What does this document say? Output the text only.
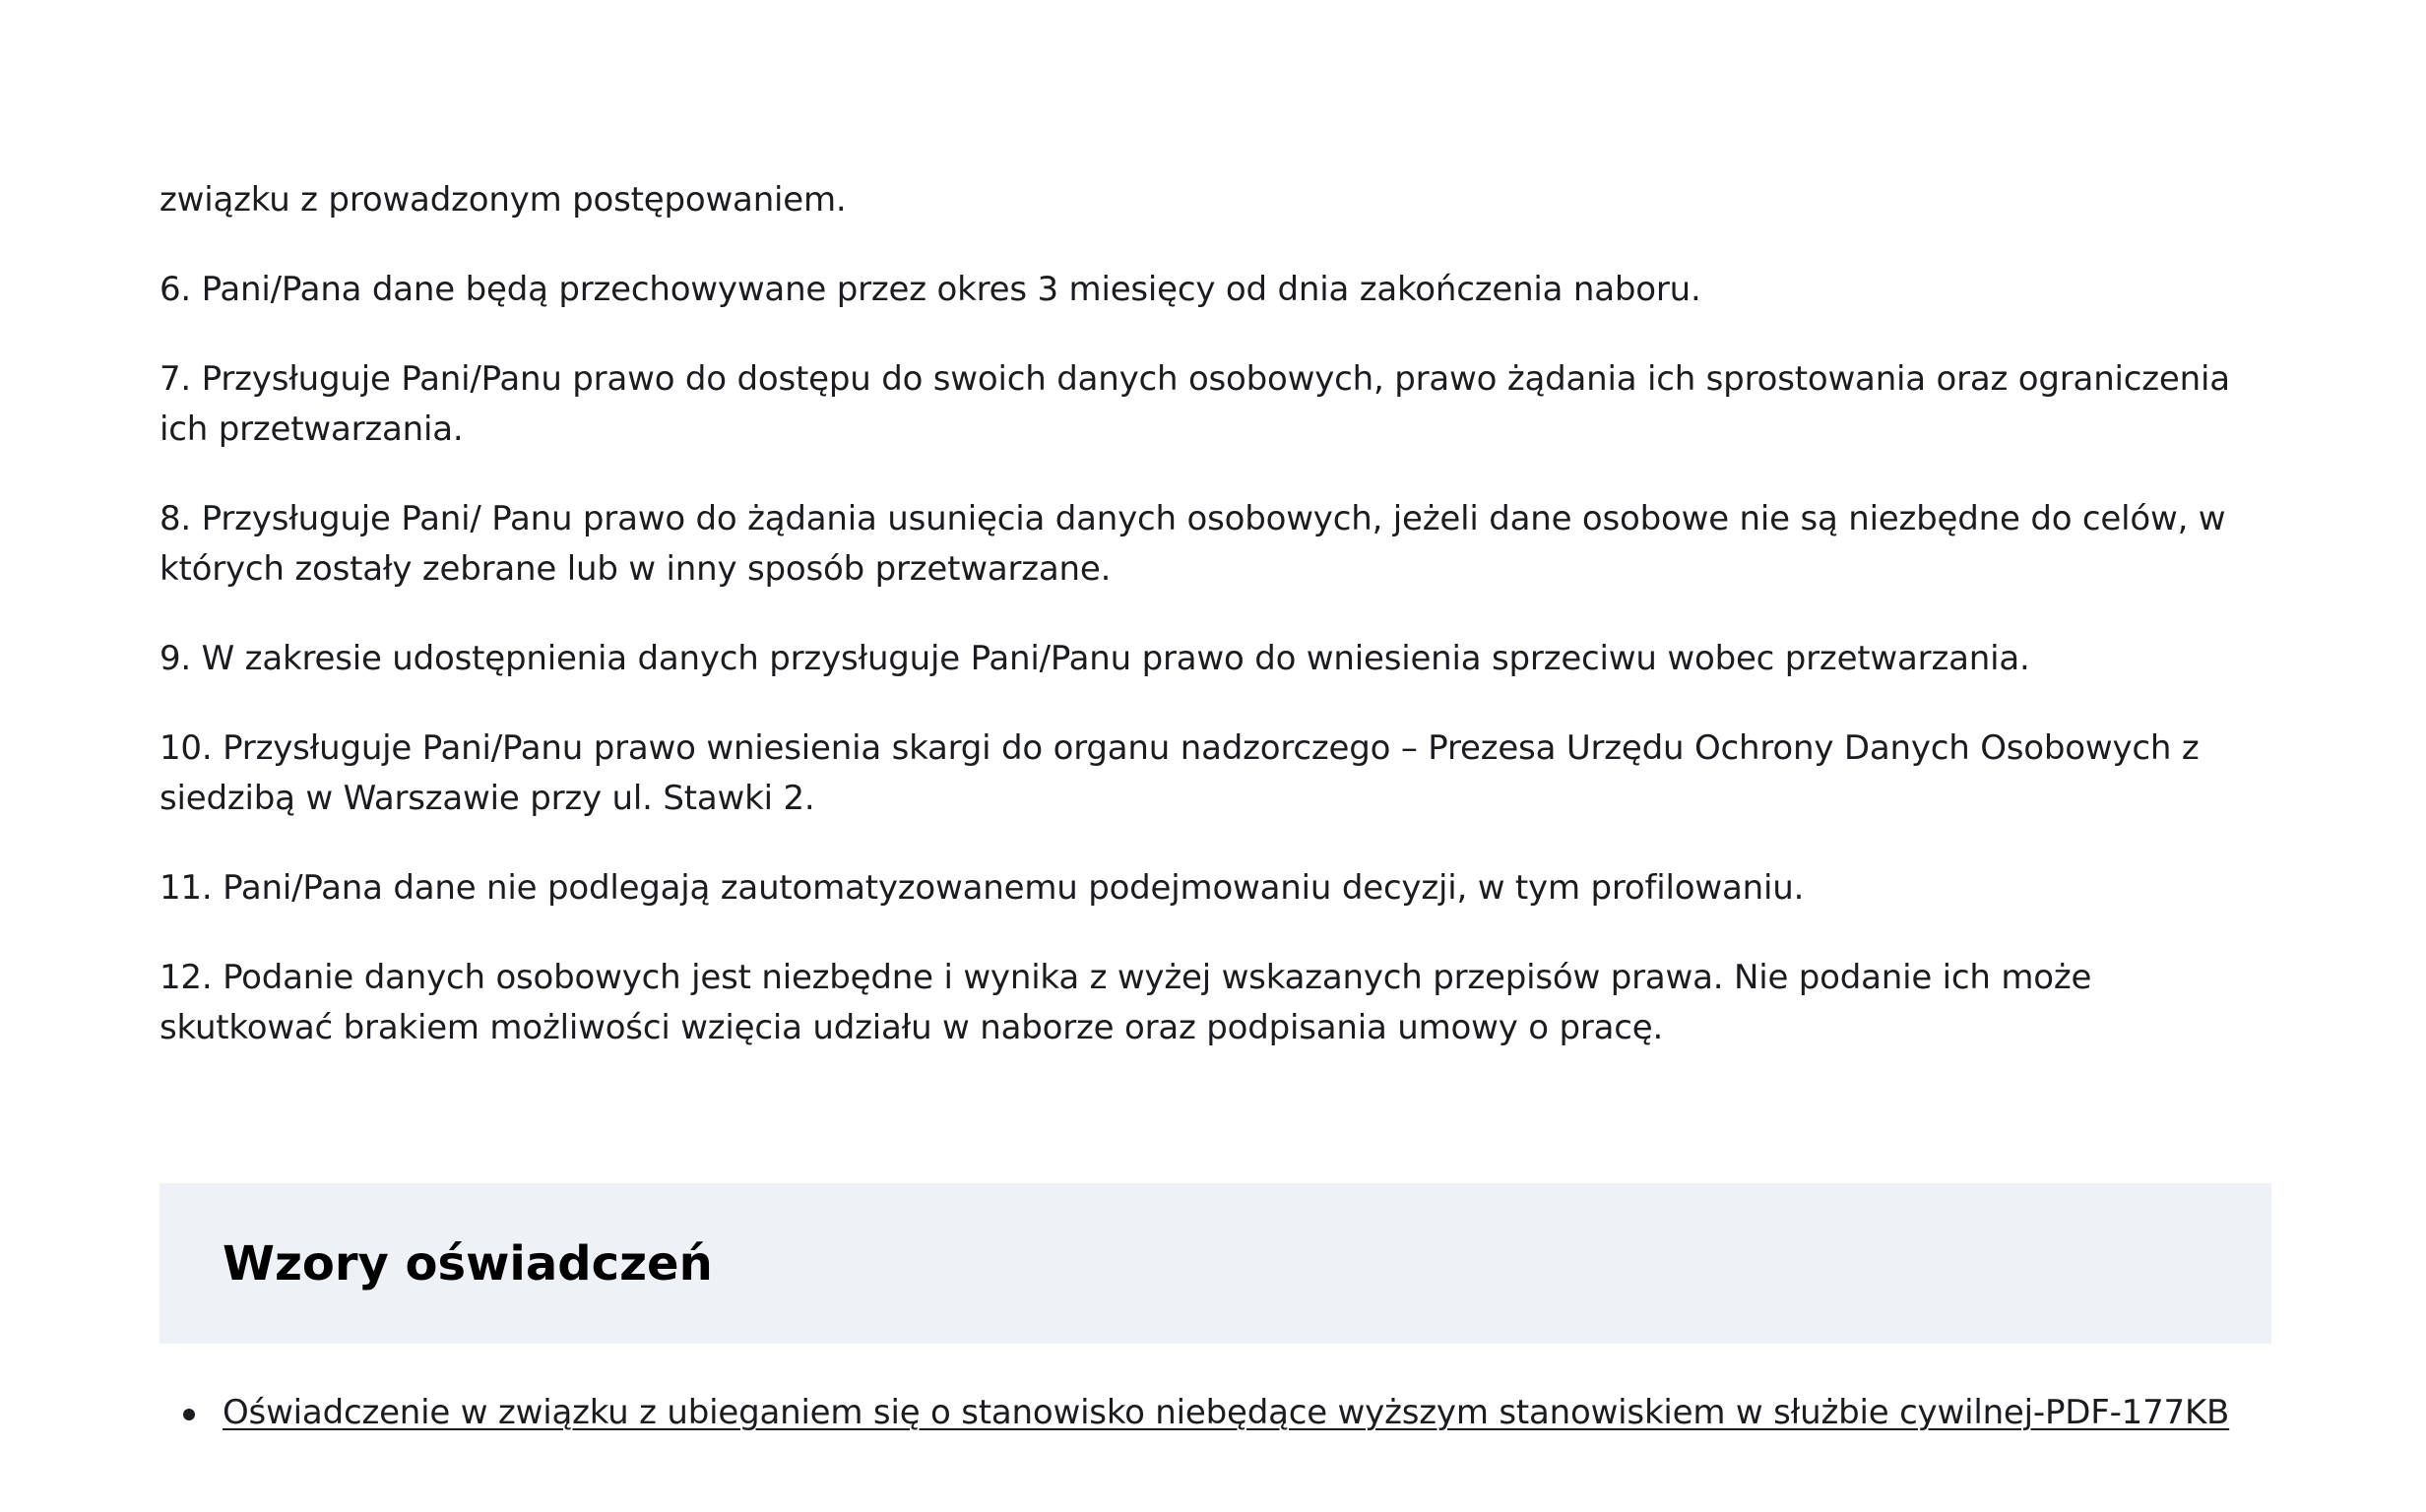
związku z prowadzonym postępowaniem.

6. Pani/Pana dane będą przechowywane przez okres 3 miesięcy od dnia zakończenia naboru.

7. Przysługuje Pani/Panu prawo do dostępu do swoich danych osobowych, prawo żądania ich sprostowania oraz ograniczenia ich przetwarzania.

8. Przysługuje Pani/ Panu prawo do żądania usunięcia danych osobowych, jeżeli dane osobowe nie są niezbędne do celów, w których zostały zebrane lub w inny sposób przetwarzane.

9. W zakresie udostępnienia danych przysługuje Pani/Panu prawo do wniesienia sprzeciwu wobec przetwarzania.

10. Przysługuje Pani/Panu prawo wniesienia skargi do organu nadzorczego – Prezesa Urzędu Ochrony Danych Osobowych z siedzibą w Warszawie przy ul. Stawki 2.

11. Pani/Pana dane nie podlegają zautomatyzowanemu podejmowaniu decyzji, w tym profilowaniu.

12. Podanie danych osobowych jest niezbędne i wynika z wyżej wskazanych przepisów prawa. Nie podanie ich może skutkować brakiem możliwości wzięcia udziału w naborze oraz podpisania umowy o pracę.

Wzory oświadczeń
Oświadczenie w związku z ubieganiem się o stanowisko niebędące wyższym stanowiskiem w służbie cywilnej-PDF-177KB
